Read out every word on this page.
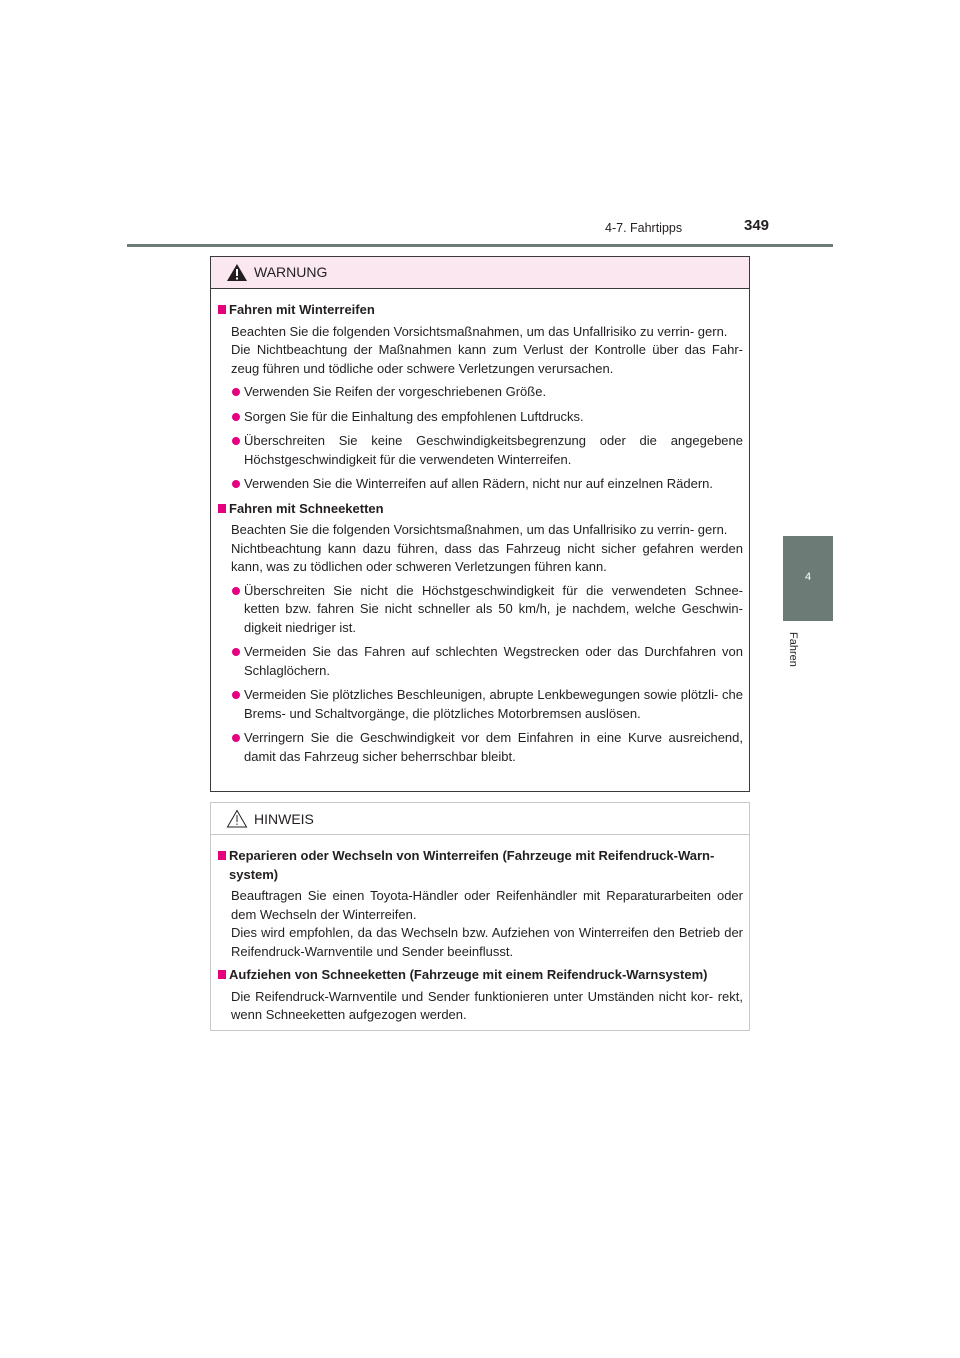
4-7. Fahrtipps	349
4
Fahren
WARNUNG
Fahren mit Winterreifen
Beachten Sie die folgenden Vorsichtsmaßnahmen, um das Unfallrisiko zu verrin- gern.
Die Nichtbeachtung der Maßnahmen kann zum Verlust der Kontrolle über das Fahr- zeug führen und tödliche oder schwere Verletzungen verursachen.
Verwenden Sie Reifen der vorgeschriebenen Größe.
Sorgen Sie für die Einhaltung des empfohlenen Luftdrucks.
Überschreiten Sie keine Geschwindigkeitsbegrenzung oder die angegebene Höchstgeschwindigkeit für die verwendeten Winterreifen.
Verwenden Sie die Winterreifen auf allen Rädern, nicht nur auf einzelnen Rädern.
Fahren mit Schneeketten
Beachten Sie die folgenden Vorsichtsmaßnahmen, um das Unfallrisiko zu verrin- gern.
Nichtbeachtung kann dazu führen, dass das Fahrzeug nicht sicher gefahren werden kann, was zu tödlichen oder schweren Verletzungen führen kann.
Überschreiten Sie nicht die Höchstgeschwindigkeit für die verwendeten Schnee- ketten bzw. fahren Sie nicht schneller als 50 km/h, je nachdem, welche Geschwin- digkeit niedriger ist.
Vermeiden Sie das Fahren auf schlechten Wegstrecken oder das Durchfahren von Schlaglöchern.
Vermeiden Sie plötzliches Beschleunigen, abrupte Lenkbewegungen sowie plötzli- che Brems- und Schaltvorgänge, die plötzliches Motorbremsen auslösen.
Verringern Sie die Geschwindigkeit vor dem Einfahren in eine Kurve ausreichend, damit das Fahrzeug sicher beherrschbar bleibt.
HINWEIS
Reparieren oder Wechseln von Winterreifen (Fahrzeuge mit Reifendruck-Warn- system)
Beauftragen Sie einen Toyota-Händler oder Reifenhändler mit Reparaturarbeiten oder dem Wechseln der Winterreifen.
Dies wird empfohlen, da das Wechseln bzw. Aufziehen von Winterreifen den Betrieb der Reifendruck-Warnventile und Sender beeinflusst.
Aufziehen von Schneeketten (Fahrzeuge mit einem Reifendruck-Warnsystem)
Die Reifendruck-Warnventile und Sender funktionieren unter Umständen nicht kor- rekt, wenn Schneeketten aufgezogen werden.
